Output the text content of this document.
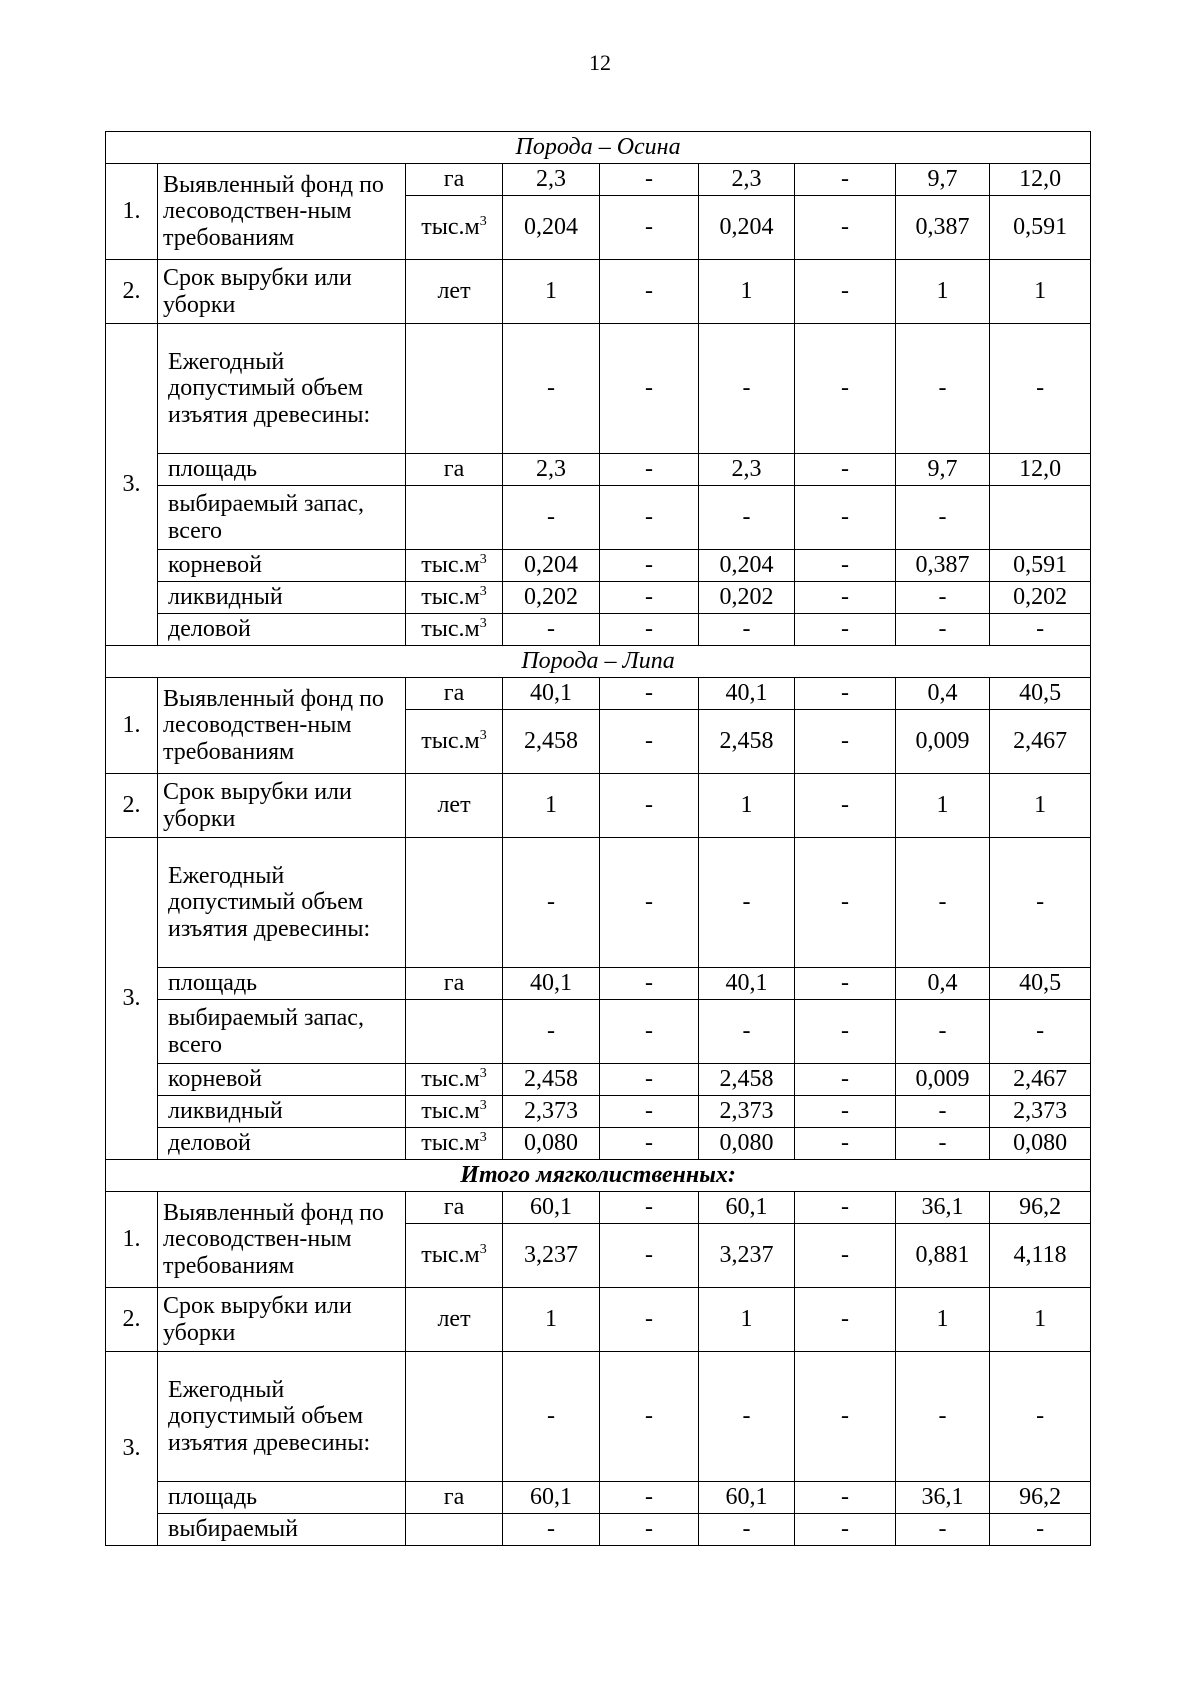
12
Порода – Осина								
1.	Выявленный фонд по лесоводствен-ным требованиям	га	2,3	-	2,3	-	9,7	12,0
		$тыс.м^3$	0,204	-	0,204	-	0,387	0,591
2.	Срок вырубки или уборки	лет	1	-	1	-	1	1
3.	Ежегодный допустимый объем изъятия древесины:		-	-	-	-	-	-
	площадь	га	2,3	-	2,3	-	9,7	12,0
	выбираемый запас, всего		-	-	-	-	-	
	корневой	$тыс.м^3$	0,204	-	0,204	-	0,387	0,591
	ликвидный	$тыс.м^3$	0,202	-	0,202	-	-	0,202
	деловой	$тыс.м^3$	-	-	-	-	-	-
Порода – Липа								
1.	Выявленный фонд по лесоводствен-ным требованиям	га	40,1	-	40,1	-	0,4	40,5
		$тыс.м^3$	2,458	-	2,458	-	0,009	2,467
2.	Срок вырубки или уборки	лет	1	-	1	-	1	1
3.	Ежегодный допустимый объем изъятия древесины:		-	-	-	-	-	-
	площадь	га	40,1	-	40,1	-	0,4	40,5
	выбираемый запас, всего		-	-	-	-	-	-
	корневой	$тыс.м^3$	2,458	-	2,458	-	0,009	2,467
	ликвидный	$тыс.м^3$	2,373	-	2,373	-	-	2,373
	деловой	$тыс.м^3$	0,080	-	0,080	-	-	0,080
Итого мягколиственных:								
1.	Выявленный фонд по лесоводствен-ным требованиям	га	60,1	-	60,1	-	36,1	96,2
		$тыс.м^3$	3,237	-	3,237	-	0,881	4,118
2.	Срок вырубки или уборки	лет	1	-	1	-	1	1
3.	Ежегодный допустимый объем изъятия древесины:		-	-	-	-	-	-
	площадь	га	60,1	-	60,1	-	36,1	96,2
	выбираемый		-	-	-	-	-	-
